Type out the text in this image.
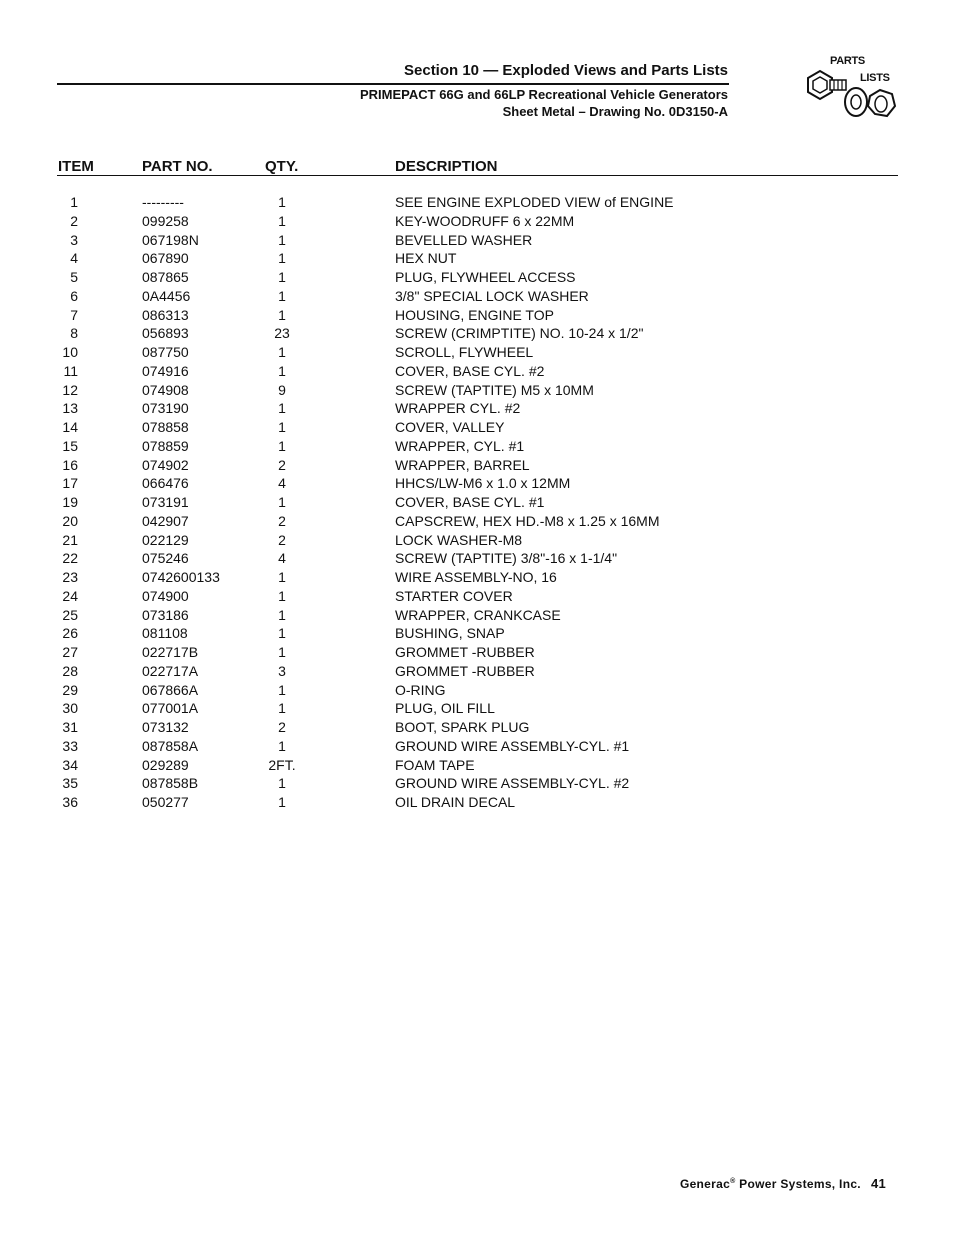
Section 10 — Exploded Views and Parts Lists
PRIMEPACT 66G and 66LP Recreational Vehicle Generators
Sheet Metal – Drawing No. 0D3150-A
PARTS
LISTS
ITEM	PART NO.	QTY.	DESCRIPTION
1	---------	1	SEE ENGINE EXPLODED VIEW of ENGINE
2	099258	1	KEY-WOODRUFF 6 x 22MM
3	067198N	1	BEVELLED WASHER
4	067890	1	HEX NUT
5	087865	1	PLUG, FLYWHEEL ACCESS
6	0A4456	1	3/8" SPECIAL LOCK WASHER
7	086313	1	HOUSING, ENGINE TOP
8	056893	23	SCREW (CRIMPTITE) NO. 10-24 x 1/2"
10	087750	1	SCROLL, FLYWHEEL
11	074916	1	COVER, BASE CYL. #2
12	074908	9	SCREW (TAPTITE) M5 x 10MM
13	073190	1	WRAPPER CYL. #2
14	078858	1	COVER, VALLEY
15	078859	1	WRAPPER, CYL. #1
16	074902	2	WRAPPER, BARREL
17	066476	4	HHCS/LW-M6 x 1.0 x 12MM
19	073191	1	COVER, BASE CYL. #1
20	042907	2	CAPSCREW, HEX HD.-M8 x 1.25 x 16MM
21	022129	2	LOCK WASHER-M8
22	075246	4	SCREW (TAPTITE) 3/8"-16 x 1-1/4"
23	0742600133	1	WIRE ASSEMBLY-NO, 16
24	074900	1	STARTER COVER
25	073186	1	WRAPPER, CRANKCASE
26	081108	1	BUSHING, SNAP
27	022717B	1	GROMMET -RUBBER
28	022717A	3	GROMMET -RUBBER
29	067866A	1	O-RING
30	077001A	1	PLUG, OIL FILL
31	073132	2	BOOT, SPARK PLUG
33	087858A	1	GROUND WIRE ASSEMBLY-CYL. #1
34	029289	2FT.	FOAM TAPE
35	087858B	1	GROUND WIRE ASSEMBLY-CYL. #2
36	050277	1	OIL DRAIN DECAL
Generac® Power Systems, Inc. 41
